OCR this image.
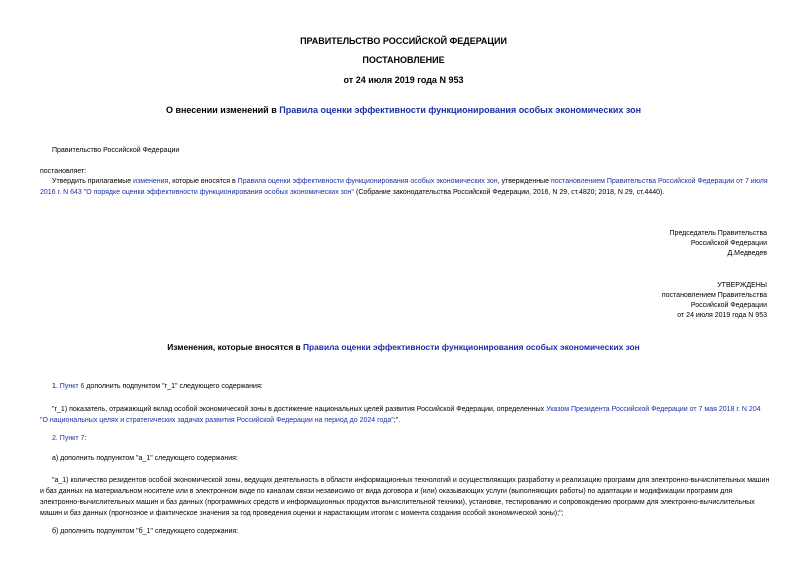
ПРАВИТЕЛЬСТВО РОССИЙСКОЙ ФЕДЕРАЦИИ
ПОСТАНОВЛЕНИЕ
от 24 июля 2019 года N 953
О внесении изменений в Правила оценки эффективности функционирования особых экономических зон
Правительство Российской Федерации
постановляет:
Утвердить прилагаемые изменения, которые вносятся в Правила оценки эффективности функционирования особых экономических зон, утвержденные постановлением Правительства Российской Федерации от 7 июля 2016 г. N 643 "О порядке оценки эффективности функционирования особых экономических зон" (Собрание законодательства Российской Федерации, 2016, N 29, ст.4820; 2018, N 29, ст.4440).
Председатель Правительства
Российской Федерации
Д.Медведев
УТВЕРЖДЕНЫ
постановлением Правительства
Российской Федерации
от 24 июля 2019 года N 953
Изменения, которые вносятся в Правила оценки эффективности функционирования особых экономических зон
1. Пункт 6 дополнить подпунктом "г_1" следующего содержания:
"г_1) показатель, отражающий вклад особой экономической зоны в достижение национальных целей развития Российской Федерации, определенных Указом Президента Российской Федерации от 7 мая 2018 г. N 204 "О национальных целях и стратегических задачах развития Российской Федерации на период до 2024 года";".
2. Пункт 7:
а) дополнить подпунктом "а_1" следующего содержания:
"а_1) количество резидентов особой экономической зоны, ведущих деятельность в области информационных технологий и осуществляющих разработку и реализацию программ для электронно-вычислительных машин и баз данных на материальном носителе или в электронном виде по каналам связи независимо от вида договора и (или) оказывающих услуги (выполняющих работы) по адаптации и модификации программ для электронно-вычислительных машин и баз данных (программных средств и информационных продуктов вычислительной техники), установке, тестированию и сопровождению программ для электронно-вычислительных машин и баз данных (прогнозное и фактическое значения за год проведения оценки и нарастающим итогом с момента создания особой экономической зоны);";
б) дополнить подпунктом "б_1" следующего содержания:
